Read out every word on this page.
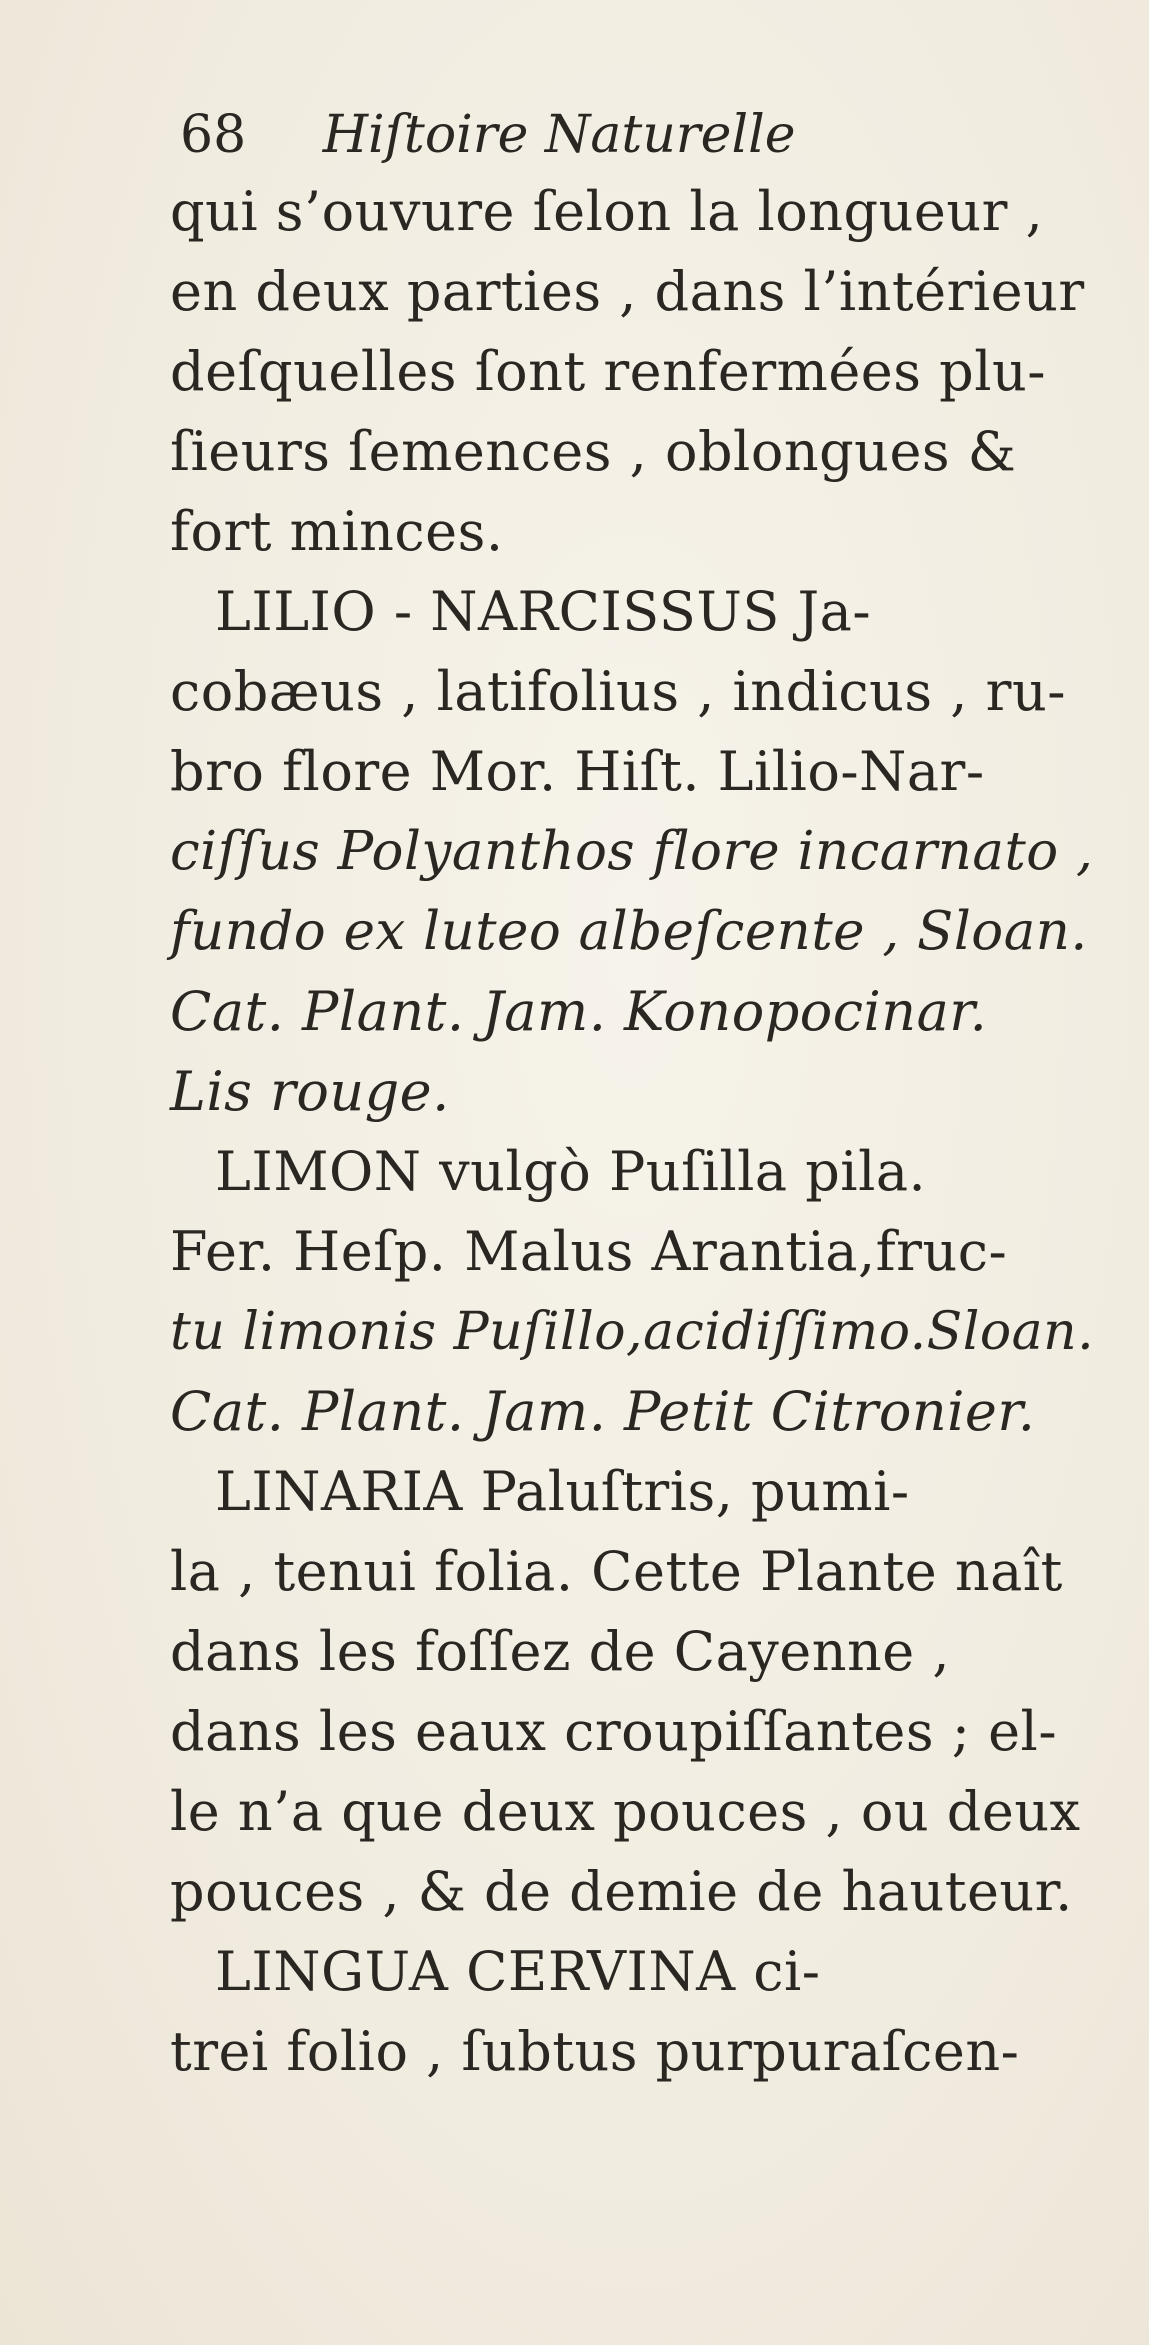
68 Hiſtoire Naturelle
qui s’ouvure ſelon la longueur ,
en deux parties , dans l’intérieur
deſquelles ſont renfermées plu-
ſieurs ſemences , oblongues &
fort minces.
LILIO - NARCISSUS Ja-
cobæus , latifolius , indicus , ru-
bro flore Mor. Hiſt. Lilio-Nar-
ciſſus Polyanthos flore incarnato ,
fundo ex luteo albeſcente , Sloan.
Cat. Plant. Jam. Konopocinar.
Lis rouge.
LIMON vulgò Puſilla pila.
Fer. Heſp. Malus Arantia,fruc-
tu limonis Puſillo,acidiſſimo.Sloan.
Cat. Plant. Jam. Petit Citronier.
LINARIA Paluſtris, pumi-
la , tenui folia. Cette Plante naît
dans les foſſez de Cayenne ,
dans les eaux croupiſſantes ; el-
le n’a que deux pouces , ou deux
pouces , & de demie de hauteur.
LINGUA CERVINA ci-
trei folio , ſubtus purpuraſcen-
